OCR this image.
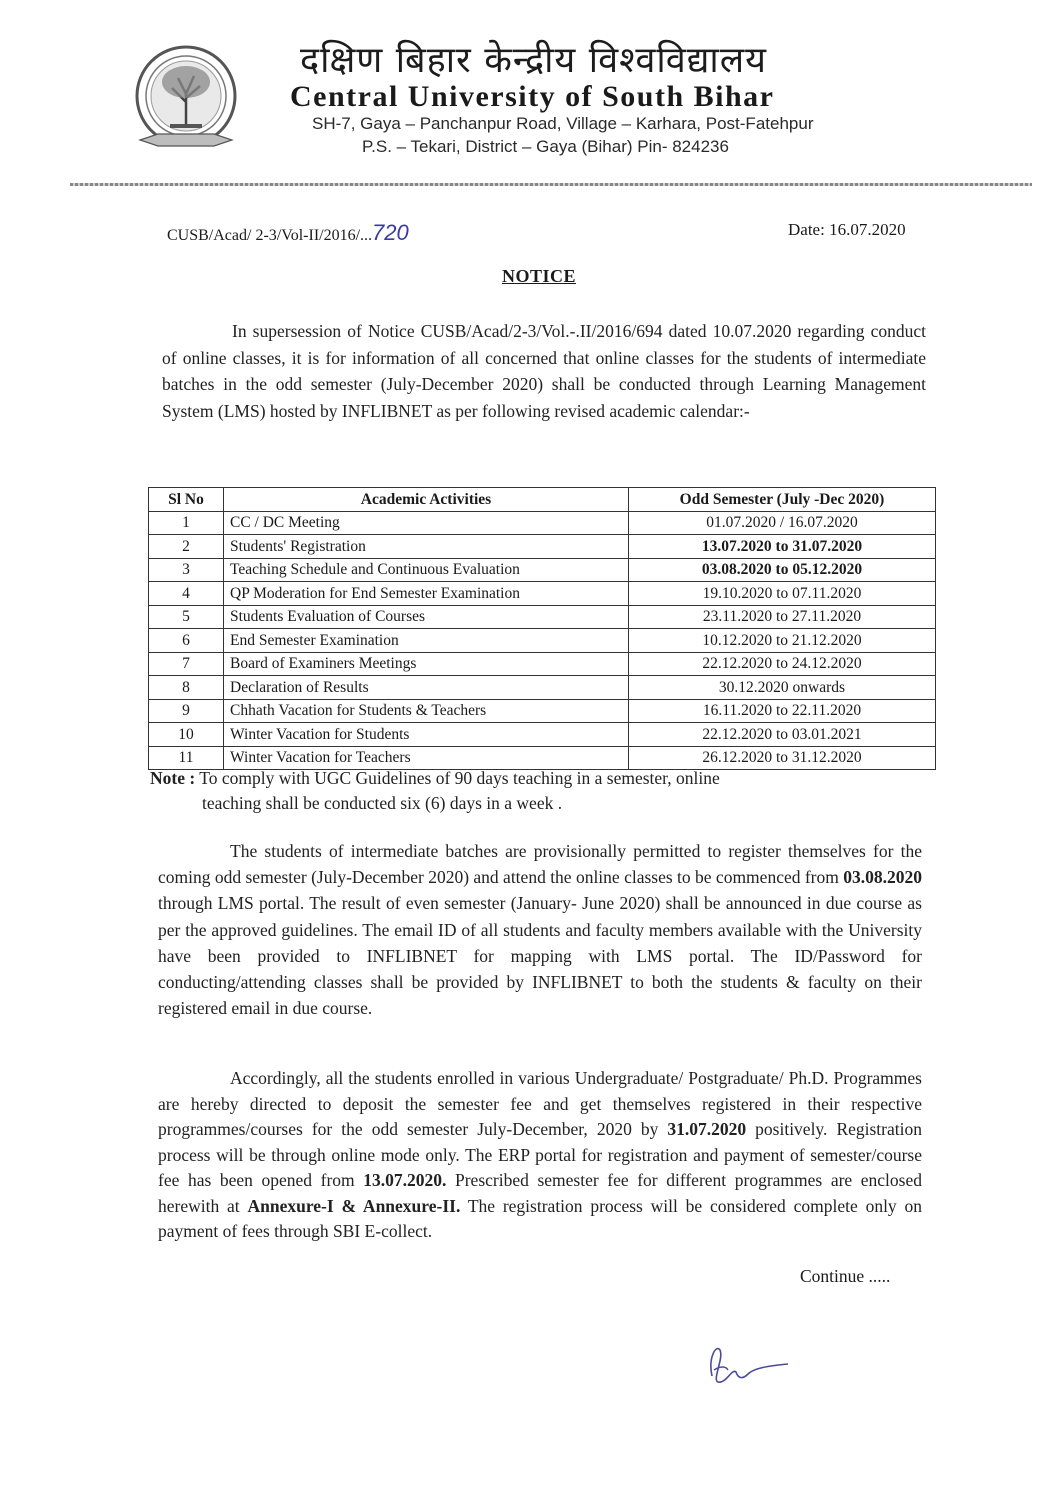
दक्षिण बिहार केन्द्रीय विश्वविद्यालय
Central University of South Bihar
SH-7, Gaya – Panchanpur Road, Village – Karhara, Post-Fatehpur
P.S. – Tekari, District – Gaya (Bihar) Pin- 824236
CUSB/Acad/ 2-3/Vol-II/2016/...720	Date: 16.07.2020
NOTICE
In supersession of Notice CUSB/Acad/2-3/Vol.-.II/2016/694 dated 10.07.2020 regarding conduct of online classes, it is for information of all concerned that online classes for the students of intermediate batches in the odd semester (July-December 2020) shall be conducted through Learning Management System (LMS) hosted by INFLIBNET as per following revised academic calendar:-
Sl No	Academic Activities	Odd Semester (July -Dec 2020)
1	CC / DC Meeting	01.07.2020 / 16.07.2020
2	Students' Registration	13.07.2020 to 31.07.2020
3	Teaching Schedule and Continuous Evaluation	03.08.2020 to 05.12.2020
4	QP Moderation for End Semester Examination	19.10.2020 to 07.11.2020
5	Students Evaluation of Courses	23.11.2020 to 27.11.2020
6	End Semester Examination	10.12.2020 to 21.12.2020
7	Board of Examiners Meetings	22.12.2020 to 24.12.2020
8	Declaration of Results	30.12.2020 onwards
9	Chhath Vacation for Students & Teachers	16.11.2020 to 22.11.2020
10	Winter Vacation for Students	22.12.2020 to 03.01.2021
11	Winter Vacation for Teachers	26.12.2020 to 31.12.2020
Note : To comply with UGC Guidelines of 90 days teaching in a semester, online
teaching shall be conducted six (6) days in a week .
The students of intermediate batches are provisionally permitted to register themselves for the coming odd semester (July-December 2020) and attend the online classes to be commenced from 03.08.2020 through LMS portal. The result of even semester (January- June 2020) shall be announced in due course as per the approved guidelines. The email ID of all students and faculty members available with the University have been provided to INFLIBNET for mapping with LMS portal. The ID/Password for conducting/attending classes shall be provided by INFLIBNET to both the students & faculty on their registered email in due course.
Accordingly, all the students enrolled in various Undergraduate/ Postgraduate/ Ph.D. Programmes are hereby directed to deposit the semester fee and get themselves registered in their respective programmes/courses for the odd semester July-December, 2020 by 31.07.2020 positively. Registration process will be through online mode only. The ERP portal for registration and payment of semester/course fee has been opened from 13.07.2020. Prescribed semester fee for different programmes are enclosed herewith at Annexure-I & Annexure-II. The registration process will be considered complete only on payment of fees through SBI E-collect.
Continue .....
